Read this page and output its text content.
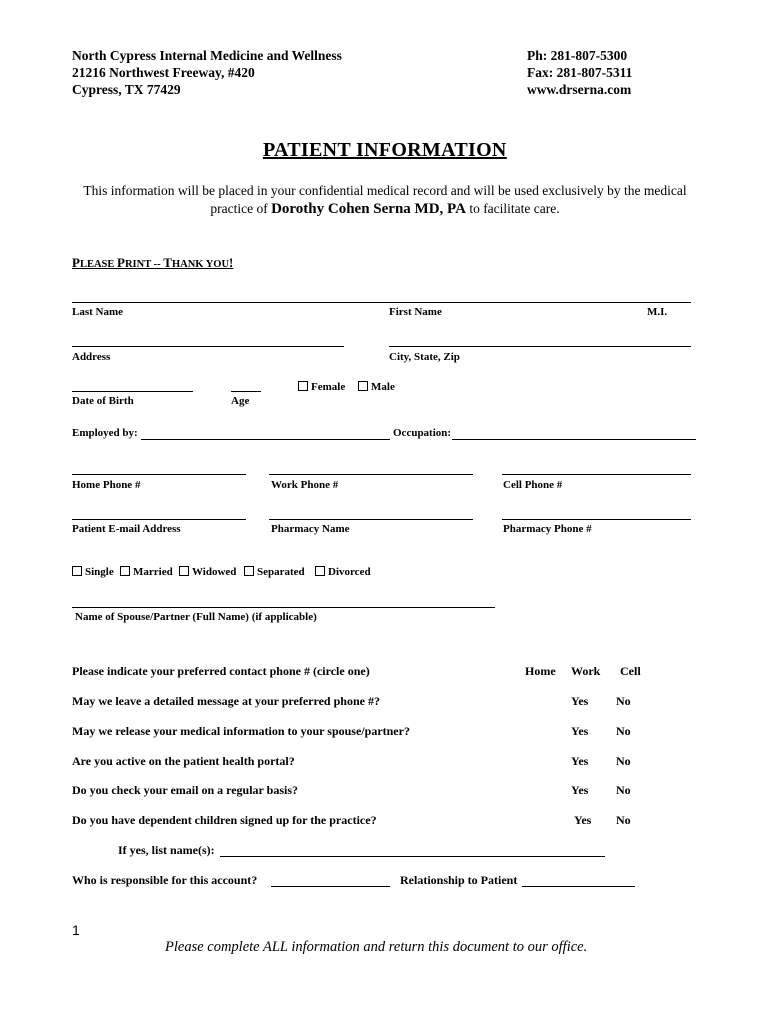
North Cypress Internal Medicine and Wellness
21216 Northwest Freeway, #420
Cypress, TX 77429
Ph: 281-807-5300
Fax: 281-807-5311
www.drserna.com
PATIENT INFORMATION
This information will be placed in your confidential medical record and will be used exclusively by the medical
practice of Dorothy Cohen Serna MD, PA to facilitate care.
PLEASE PRINT -- THANK YOU!
Last Name	First Name	M.I.
Address	City, State, Zip
Female	Male
Date of Birth	Age
Employed by:	Occupation:
Home Phone #	Work Phone #	Cell Phone #
Patient E-mail Address	Pharmacy Name	Pharmacy Phone #
Single	Married	Widowed	Separated	Divorced
Name of Spouse/Partner (Full Name) (if applicable)
Please indicate your preferred contact phone # (circle one)	Home Work Cell
May we leave a detailed message at your preferred phone #?	Yes No
May we release your medical information to your spouse/partner?	Yes No
Are you active on the patient health portal?	Yes No
Do you check your email on a regular basis?	Yes No
Do you have dependent children signed up for the practice?	Yes No
If yes, list name(s):
Who is responsible for this account?	Relationship to Patient
1
Please complete ALL information and return this document to our office.
